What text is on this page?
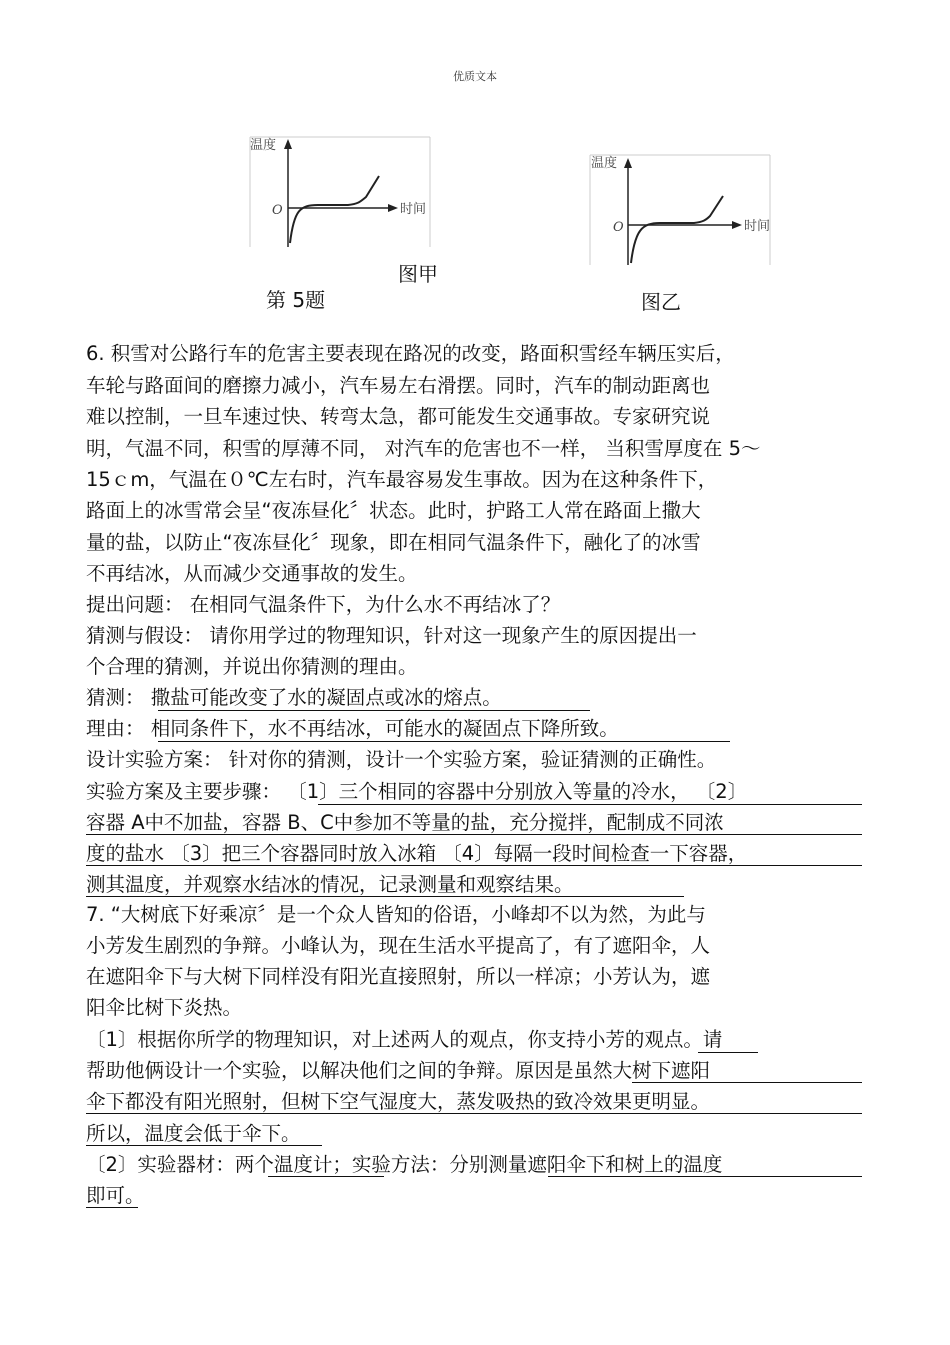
优质文本
温度
时间
O
温度
时间
O
图甲
第 5题	图乙
6. 积雪对公路行车的危害主要表现在路况的改变，路面积雪经车辆压实后，
车轮与路面间的磨擦力减小，汽车易左右滑摆。同时，汽车的制动距离也
难以控制，一旦车速过快、转弯太急，都可能发生交通事故。专家研究说
明，气温不同，积雪的厚薄不同， 对汽车的危害也不一样， 当积雪厚度在 5～
15ｃm，气温在０℃左右时，汽车最容易发生事故。因为在这种条件下，
路面上的冰雪常会呈“夜冻昼化〞状态。此时，护路工人常在路面上撒大
量的盐，以防止“夜冻昼化〞现象，即在相同气温条件下，融化了的冰雪
不再结冰，从而减少交通事故的发生。
提出问题： 在相同气温条件下，为什么水不再结冰了？
猜测与假设： 请你用学过的物理知识，针对这一现象产生的原因提出一
个合理的猜测，并说出你猜测的理由。
猜测： 撒盐可能改变了水的凝固点或冰的熔点。
理由： 相同条件下，水不再结冰，可能水的凝固点下降所致。
设计实验方案： 针对你的猜测，设计一个实验方案，验证猜测的正确性。
实验方案及主要步骤： 〔1〕三个相同的容器中分别放入等量的冷水， 〔2〕
容器 A中不加盐，容器 B、C中参加不等量的盐，充分搅拌，配制成不同浓
度的盐水 〔3〕把三个容器同时放入冰箱 〔4〕每隔一段时间检查一下容器，
测其温度，并观察水结冰的情况，记录测量和观察结果。
7. “大树底下好乘凉〞是一个众人皆知的俗语，小峰却不以为然，为此与
小芳发生剧烈的争辩。小峰认为，现在生活水平提高了，有了遮阳伞，人
在遮阳伞下与大树下同样没有阳光直接照射，所以一样凉；小芳认为，遮
阳伞比树下炎热。
〔1〕根据你所学的物理知识，对上述两人的观点，你支持小芳的观点。请
帮助他俩设计一个实验，以解决他们之间的争辩。原因是虽然大树下遮阳
伞下都没有阳光照射，但树下空气湿度大，蒸发吸热的致冷效果更明显。
所以，温度会低于伞下。
〔2〕实验器材：两个温度计；实验方法：分别测量遮阳伞下和树上的温度
即可。
